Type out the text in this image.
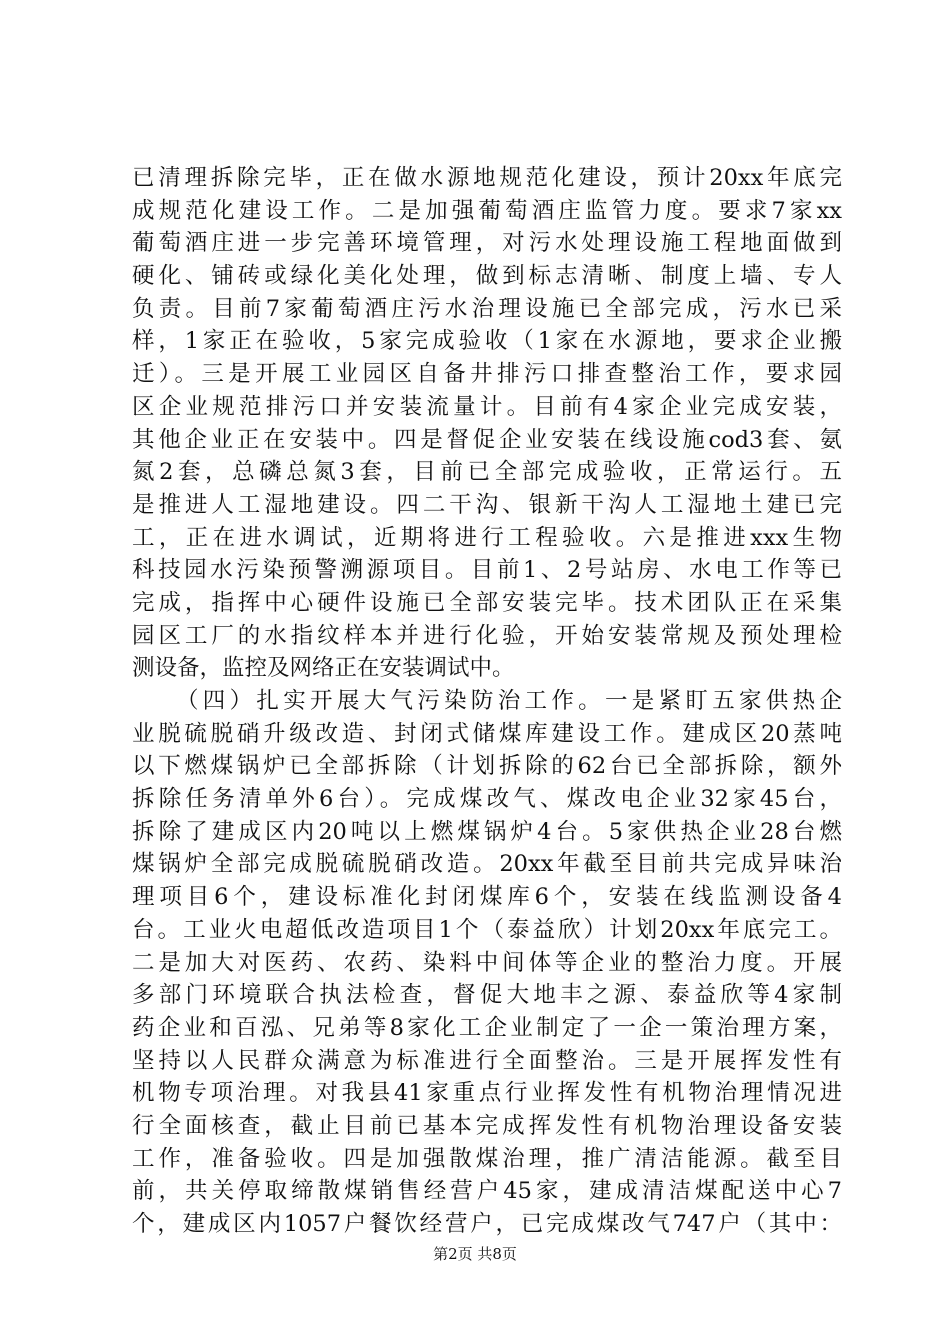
已清理拆除完毕，正在做水源地规范化建设，预计20xx年底完
成规范化建设工作。二是加强葡萄酒庄监管力度。要求7家xx
葡萄酒庄进一步完善环境管理，对污水处理设施工程地面做到
硬化、铺砖或绿化美化处理，做到标志清晰、制度上墙、专人
负责。目前7家葡萄酒庄污水治理设施已全部完成，污水已采
样，1家正在验收，5家完成验收（1家在水源地，要求企业搬
迁）。三是开展工业园区自备井排污口排查整治工作，要求园
区企业规范排污口并安装流量计。目前有4家企业完成安装，
其他企业正在安装中。四是督促企业安装在线设施cod3套、氨
氮2套，总磷总氮3套，目前已全部完成验收，正常运行。五
是推进人工湿地建设。四二干沟、银新干沟人工湿地土建已完
工，正在进水调试，近期将进行工程验收。六是推进xxx生物
科技园水污染预警溯源项目。目前1、2号站房、水电工作等已
完成，指挥中心硬件设施已全部安装完毕。技术团队正在采集
园区工厂的水指纹样本并进行化验，开始安装常规及预处理检
测设备，监控及网络正在安装调试中。
（四）扎实开展大气污染防治工作。一是紧盯五家供热企
业脱硫脱硝升级改造、封闭式储煤库建设工作。建成区20蒸吨
以下燃煤锅炉已全部拆除（计划拆除的62台已全部拆除，额外
拆除任务清单外6台）。完成煤改气、煤改电企业32家45台，
拆除了建成区内20吨以上燃煤锅炉4台。5家供热企业28台燃
煤锅炉全部完成脱硫脱硝改造。20xx年截至目前共完成异味治
理项目6个，建设标准化封闭煤库6个，安装在线监测设备4
台。工业火电超低改造项目1个（泰益欣）计划20xx年底完工。
二是加大对医药、农药、染料中间体等企业的整治力度。开展
多部门环境联合执法检查，督促大地丰之源、泰益欣等4家制
药企业和百泓、兄弟等8家化工企业制定了一企一策治理方案，
坚持以人民群众满意为标准进行全面整治。三是开展挥发性有
机物专项治理。对我县41家重点行业挥发性有机物治理情况进
行全面核查，截止目前已基本完成挥发性有机物治理设备安装
工作，准备验收。四是加强散煤治理，推广清洁能源。截至目
前，共关停取缔散煤销售经营户45家，建成清洁煤配送中心7
个，建成区内1057户餐饮经营户，已完成煤改气747户（其中：
第2页 共8页
